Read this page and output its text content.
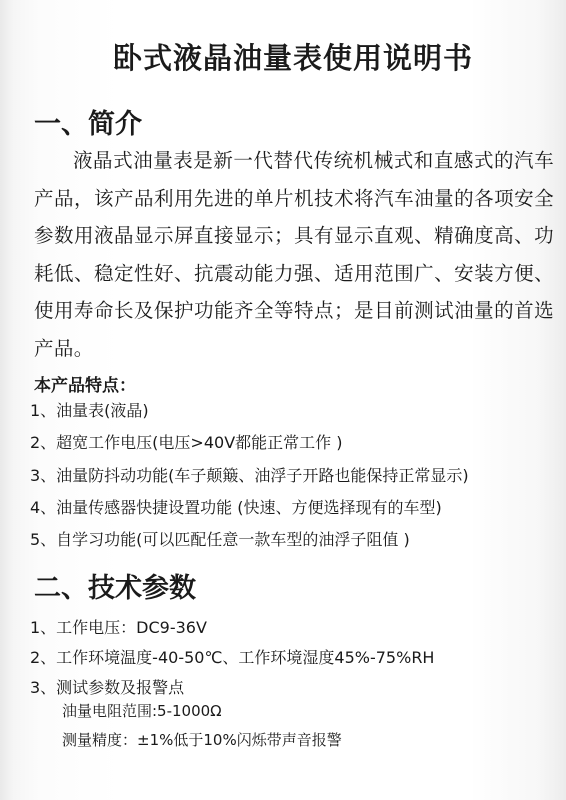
卧式液晶油量表使用说明书
一、简介
液晶式油量表是新一代替代传统机械式和直感式的汽车产品，该产品利用先进的单片机技术将汽车油量的各项安全参数用液晶显示屏直接显示；具有显示直观、精确度高、功耗低、稳定性好、抗震动能力强、适用范围广、安装方便、使用寿命长及保护功能齐全等特点；是目前测试油量的首选产品。
本产品特点：
1、油量表(液晶)
2、超宽工作电压(电压>40V都能正常工作 )
3、油量防抖动功能(车子颠簸、油浮子开路也能保持正常显示)
4、油量传感器快捷设置功能 (快速、方便选择现有的车型)
5、自学习功能(可以匹配任意一款车型的油浮子阻值 )
二、技术参数
1、工作电压：DC9-36V
2、工作环境温度-40-50℃、工作环境湿度45%-75%RH
3、测试参数及报警点
油量电阻范围:5-1000Ω
测量精度：±1%低于10%闪烁带声音报警
